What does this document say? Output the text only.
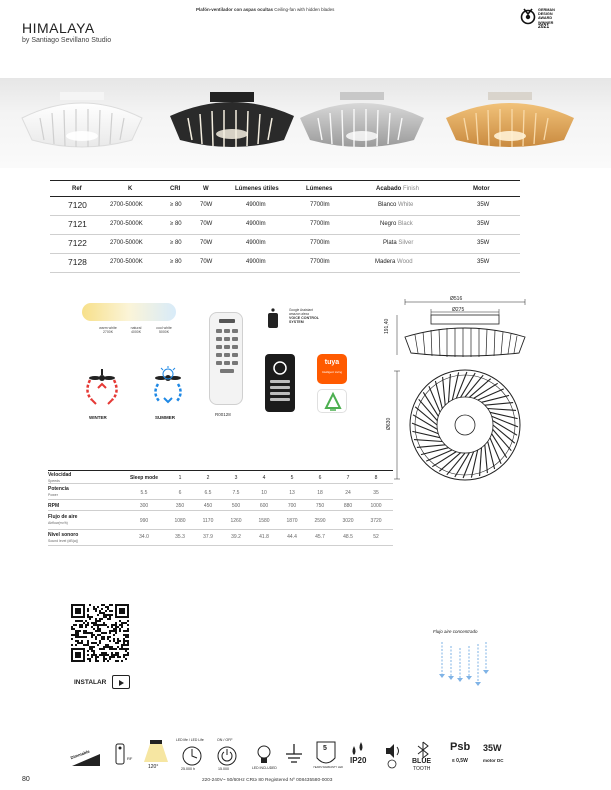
HIMALAYA
by Santiago Sevillano Studio
Plafón-ventilador con aspas ocultas Ceiling-fan with hidden blades	GERMAN
DESIGN
AWARD
WINNER
2021
Ref	K	CRI	W	Lúmenes útiles	Lúmenes	Acabado Finish	Motor
7120	2700-5000K	≥ 80	70W	4900lm	7700lm	Blanco White	35W
7121	2700-5000K	≥ 80	70W	4900lm	7700lm	Negro Black	35W
7122	2700-5000K	≥ 80	70W	4900lm	7700lm	Plata Silver	35W
7128	2700-5000K	≥ 80	70W	4900lm	7700lm	Madera Wood	35W
warm white
2700Knatural
4000Kcool white
5000K
WINTER	SUMMER
R00128
Google Assistant
amazon alexa
VOICE CONTROL
SYSTEM
tuya
Intelligent Living
Ø516
Ø275
191,40
Ø630
Velocidad
Speeds	Sleep mode	1	2	3	4	5	6	7	8
Potencia
Power	5.5	6	6.5	7.5	10	13	18	24	35
RPM	300	350	450	500	600	700	750	880	1000
Flujo de aire
Airflow(m³/h)	990	1080	1170	1260	1580	1870	2590	3020	3720
Nivel sonoro
Sound level (dB(a))
34.0	35.3	37.9	39.2	41.8	44.4	45.7	48.5	52
INSTALAR
Flujo aire concentrado
Dimmable	RF
120°
LED life / LED Life
25.000 h
ON / OFF
15.000	LED INCLUDED
5
YEARS WARRANTY LED
IP20	BLUE
TOOTH
Psb
≤ 0,5W
35W
motor DC
80	220-240V~ 50/60Hz CRI≥ 80 Registered Nº 008435580-0003
